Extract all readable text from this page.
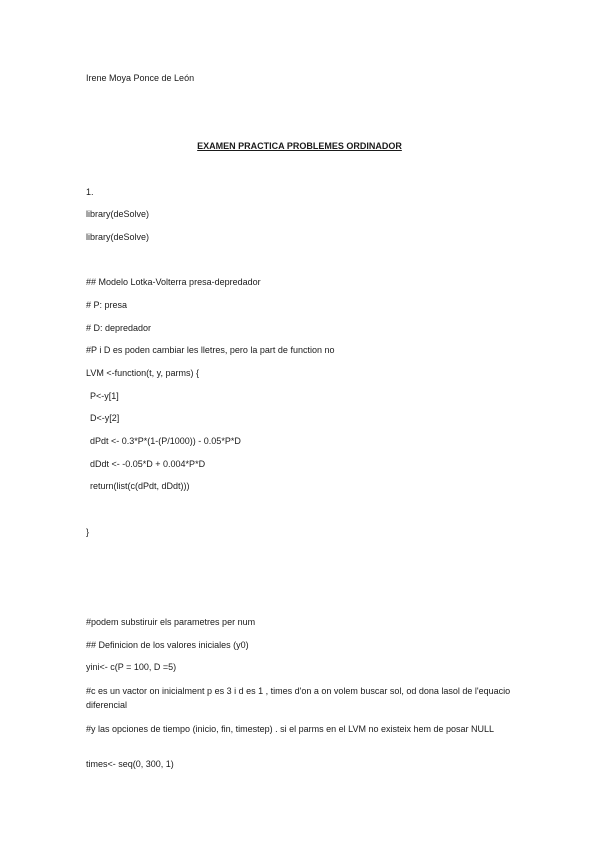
Irene Moya Ponce de León
EXAMEN PRACTICA PROBLEMES ORDINADOR
1.
library(deSolve)
library(deSolve)
## Modelo Lotka-Volterra presa-depredador
# P: presa
# D: depredador
#P i D es poden cambiar les lletres, pero la part de function no
LVM <-function(t, y, parms) {
P<-y[1]
D<-y[2]
dPdt <- 0.3*P*(1-(P/1000)) - 0.05*P*D
dDdt <- -0.05*D + 0.004*P*D
return(list(c(dPdt, dDdt)))
}
#podem substiruir els parametres per num
## Definicion de los valores iniciales (y0)
yini<- c(P = 100, D =5)
#c es un vactor on inicialment p es 3 i d es 1 , times d'on a on volem buscar sol, od dona lasol de l'equacio diferencial
#y las opciones de tiempo (inicio, fin, timestep) . si el parms en el LVM no existeix hem de posar NULL
times<- seq(0, 300, 1)
